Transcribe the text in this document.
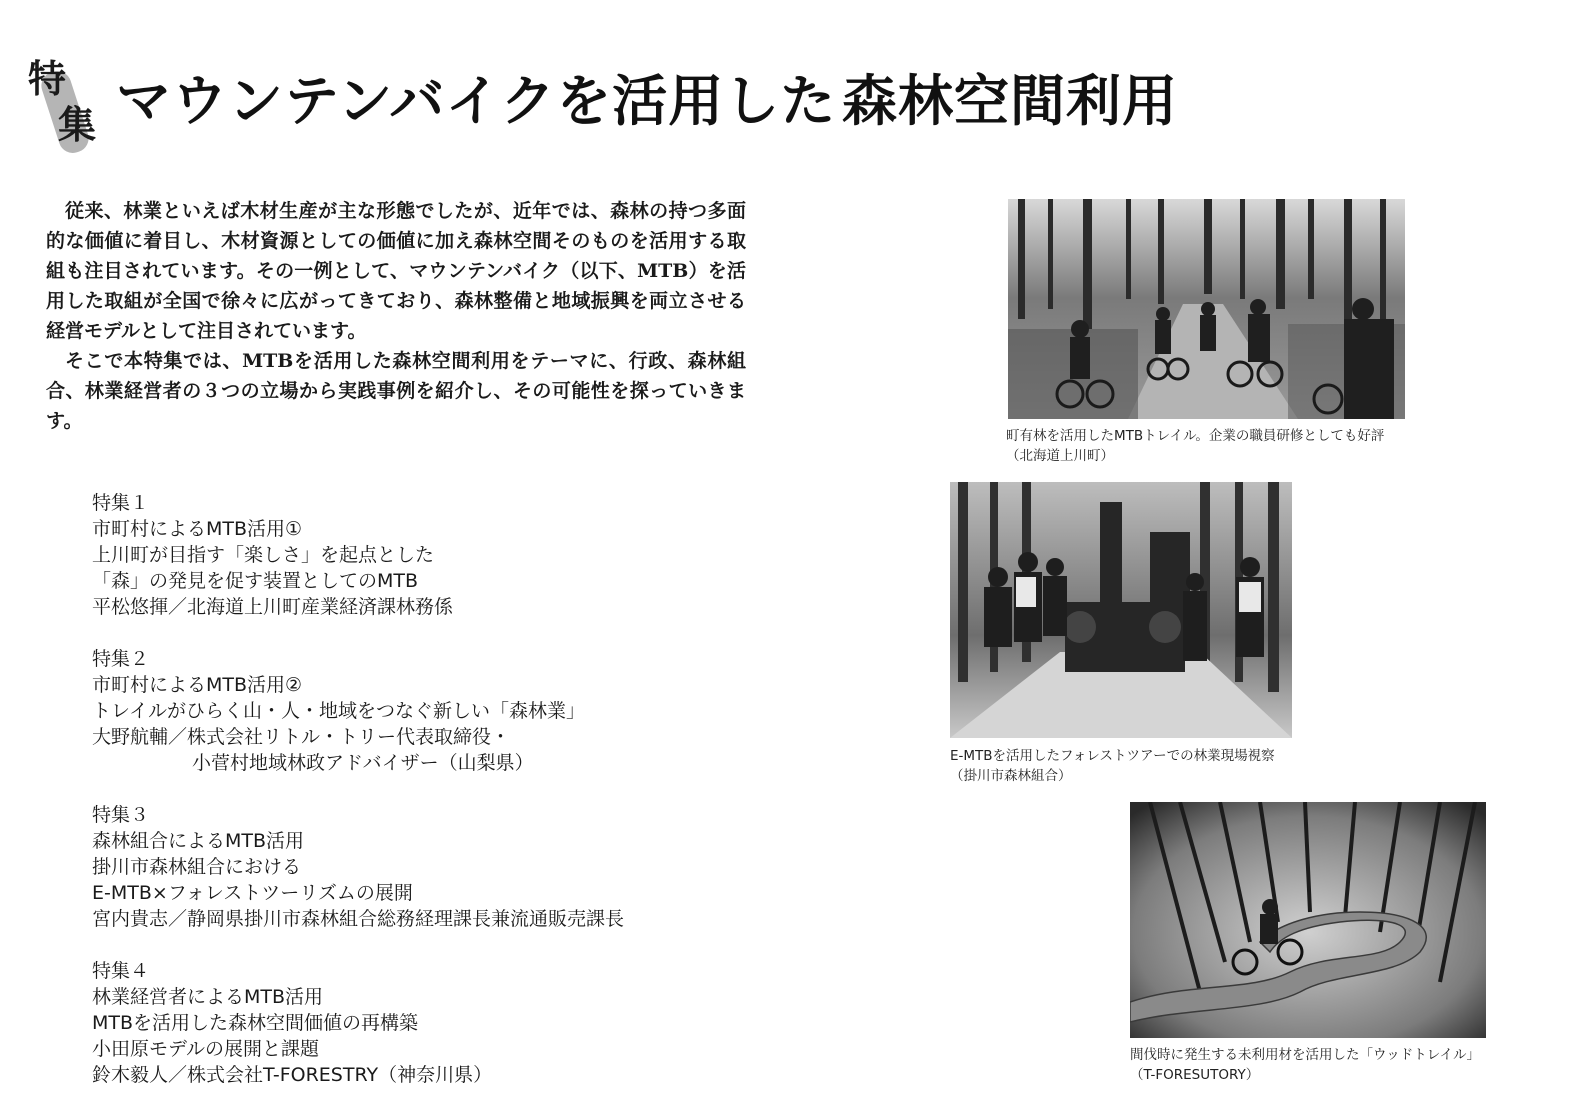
特
集 マウンテンバイクを活用した 森林空間利用

従来、林業といえば木材生産が主な形態でしたが、近年では、森林の持つ多面的な価値に着目し、木材資源としての価値に加え森林空間そのものを活用する取組も注目されています。その一例として、マウンテンバイク（以下、MTB）を活用した取組が全国で徐々に広がってきており、森林整備と地域振興を両立させる経営モデルとして注目されています。

そこで本特集では、MTBを活用した森林空間利用をテーマに、行政、森林組合、林業経営者の３つの立場から実践事例を紹介し、その可能性を探っていきます。

特集１
市町村によるMTB活用①
上川町が目指す「楽しさ」を起点とした
「森」の発見を促す装置としてのMTB
平松悠揮／北海道上川町産業経済課林務係
特集２
市町村によるMTB活用②
トレイルがひらく山・人・地域をつなぐ新しい「森林業」
大野航輔／株式会社リトル・トリー代表取締役・
小菅村地域林政アドバイザー（山梨県）
特集３
森林組合によるMTB活用
掛川市森林組合における
E-MTB×フォレストツーリズムの展開
宮内貴志／静岡県掛川市森林組合総務経理課長兼流通販売課長
特集４
林業経営者によるMTB活用
MTBを活用した森林空間価値の再構築
小田原モデルの展開と課題
鈴木毅人／株式会社T-FORESTRY（神奈川県）
町有林を活用したMTBトレイル。企業の職員研修としても好評
（北海道上川町）
E-MTBを活用したフォレストツアーでの林業現場視察
（掛川市森林組合）
間伐時に発生する未利用材を活用した「ウッドトレイル」
（T-FORESUTORY）
